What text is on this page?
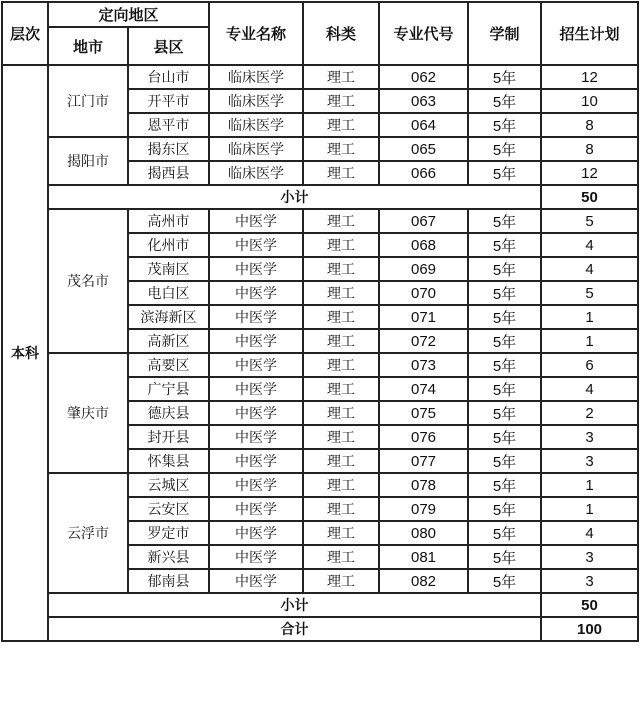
层次	定向地区		专业名称	科类	专业代号	学制	招生计划
	地市	县区					
本科	江门市	台山市	临床医学	理工	062	5年	12
		开平市	临床医学	理工	063	5年	10
		恩平市	临床医学	理工	064	5年	8
	揭阳市	揭东区	临床医学	理工	065	5年	8
		揭西县	临床医学	理工	066	5年	12
	小计						50
	茂名市	高州市	中医学	理工	067	5年	5
		化州市	中医学	理工	068	5年	4
		茂南区	中医学	理工	069	5年	4
		电白区	中医学	理工	070	5年	5
		滨海新区	中医学	理工	071	5年	1
		高新区	中医学	理工	072	5年	1
	肇庆市	高要区	中医学	理工	073	5年	6
		广宁县	中医学	理工	074	5年	4
		德庆县	中医学	理工	075	5年	2
		封开县	中医学	理工	076	5年	3
		怀集县	中医学	理工	077	5年	3
	云浮市	云城区	中医学	理工	078	5年	1
		云安区	中医学	理工	079	5年	1
		罗定市	中医学	理工	080	5年	4
		新兴县	中医学	理工	081	5年	3
		郁南县	中医学	理工	082	5年	3
	小计						50
	合计						100
